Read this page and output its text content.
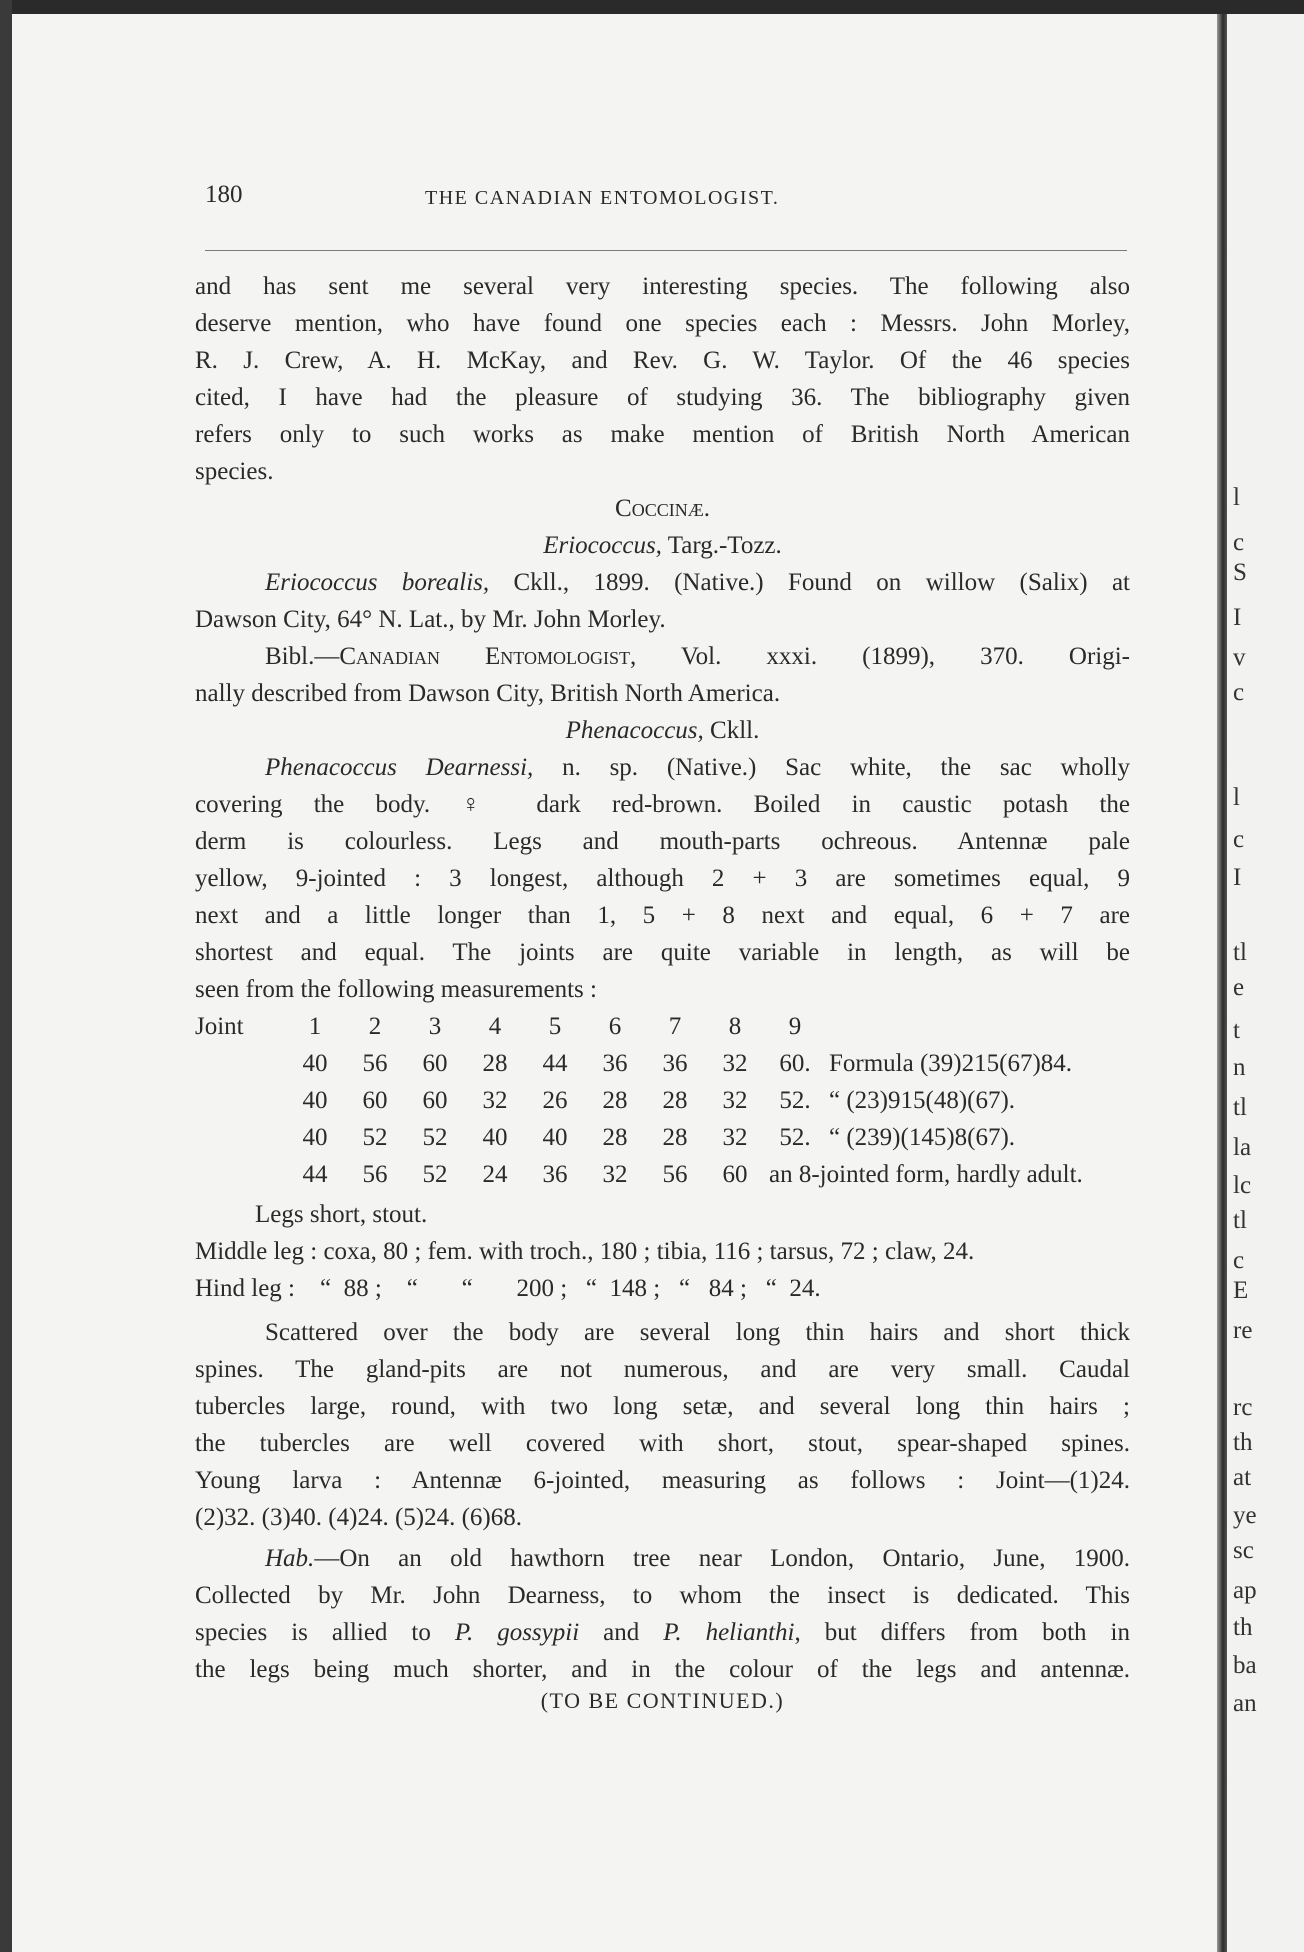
l
c
S
I
v
c
l
c
I
tl
e
t
n
tl
la
lc
tl
c
E
re
rc
th
at
ye
sc
ap
th
ba
an
180	THE CANADIAN ENTOMOLOGIST.
and has sent me several very interesting species. The following also
deserve mention, who have found one species each : Messrs. John Morley,
R. J. Crew, A. H. McKay, and Rev. G. W. Taylor. Of the 46 species
cited, I have had the pleasure of studying 36. The bibliography given
refers only to such works as make mention of British North American
species.
Coccinæ.
Eriococcus, Targ.-Tozz.
Eriococcus borealis, Ckll., 1899. (Native.) Found on willow (Salix) at
Dawson City, 64° N. Lat., by Mr. John Morley.
Bibl.—Canadian Entomologist, Vol. xxxi. (1899), 370. Origi-
nally described from Dawson City, British North America.
Phenacoccus, Ckll.
Phenacoccus Dearnessi, n. sp. (Native.) Sac white, the sac wholly
covering the body. ♀ dark red-brown. Boiled in caustic potash the
derm is colourless. Legs and mouth-parts ochreous. Antennæ pale
yellow, 9-jointed : 3 longest, although 2 + 3 are sometimes equal, 9
next and a little longer than 1, 5 + 8 next and equal, 6 + 7 are
shortest and equal. The joints are quite variable in length, as will be
seen from the following measurements :
Joint	1	2	3	4	5	6	7	8	9	
	40	56	60	28	44	36	36	32	60.	Formula (39)215(67)84.
	40	60	60	32	26	28	28	32	52.	“ (23)915(48)(67).
	40	52	52	40	40	28	28	32	52.	“ (239)(145)8(67).
	44	56	52	24	36	32	56	60	an 8-jointed form, hardly adult.	
Legs short, stout.
Middle leg : coxa, 80 ; fem. with troch., 180 ; tibia, 116 ; tarsus, 72 ; claw, 24.
Hind leg :    “  88 ;    “       “       200 ;   “  148 ;   “   84 ;   “  24.
Scattered over the body are several long thin hairs and short thick
spines. The gland-pits are not numerous, and are very small. Caudal
tubercles large, round, with two long setæ, and several long thin hairs ;
the tubercles are well covered with short, stout, spear-shaped spines.
Young larva : Antennæ 6-jointed, measuring as follows : Joint—(1)24.
(2)32. (3)40. (4)24. (5)24. (6)68.
Hab.—On an old hawthorn tree near London, Ontario, June, 1900.
Collected by Mr. John Dearness, to whom the insect is dedicated. This
species is allied to P. gossypii and P. helianthi, but differs from both in
the legs being much shorter, and in the colour of the legs and antennæ.
(TO BE CONTINUED.)
